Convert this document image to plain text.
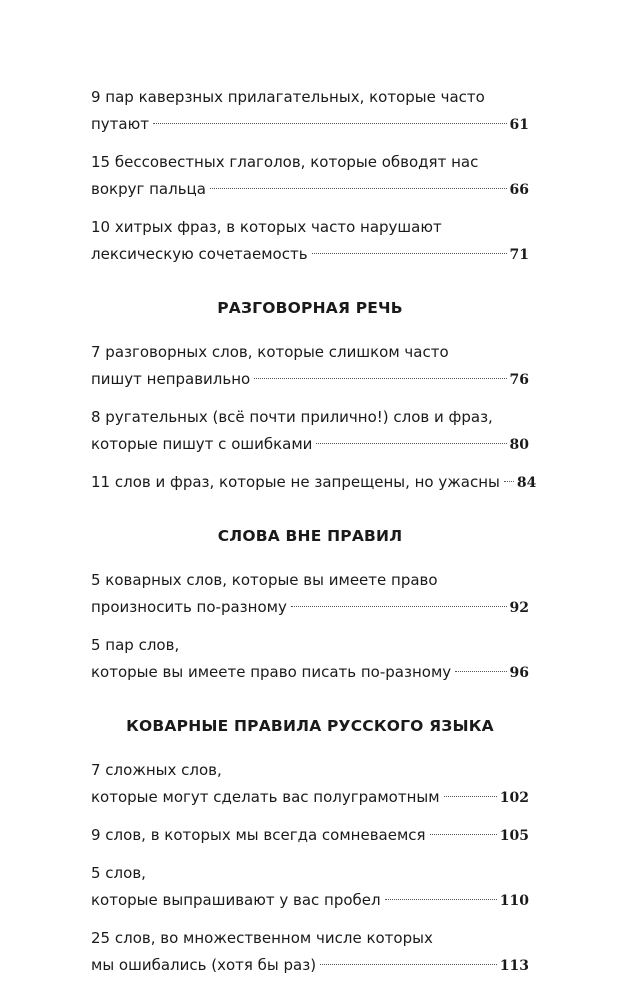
9 пар каверзных прилагательных, которые часто
путают	61
15 бессовестных глаголов, которые обводят нас
вокруг пальца	66
10 хитрых фраз, в которых часто нарушают
лексическую сочетаемость	71
РАЗГОВОРНАЯ РЕЧЬ
7 разговорных слов, которые слишком часто
пишут неправильно	76
8 ругательных (всё почти прилично!) слов и фраз,
которые пишут с ошибками	80
11 слов и фраз, которые не запрещены, но ужасны 84
СЛОВА ВНЕ ПРАВИЛ
5 коварных слов, которые вы имеете право
произносить по-разному	92
5 пар слов,
которые вы имеете право писать по-разному	96
КОВАРНЫЕ ПРАВИЛА РУССКОГО ЯЗЫКА
7 сложных слов,
которые могут сделать вас полуграмотным	102
9 слов, в которых мы всегда сомневаемся	105
5 слов,
которые выпрашивают у вас пробел	110
25 слов, во множественном числе которых
мы ошибались (хотя бы раз)	113
